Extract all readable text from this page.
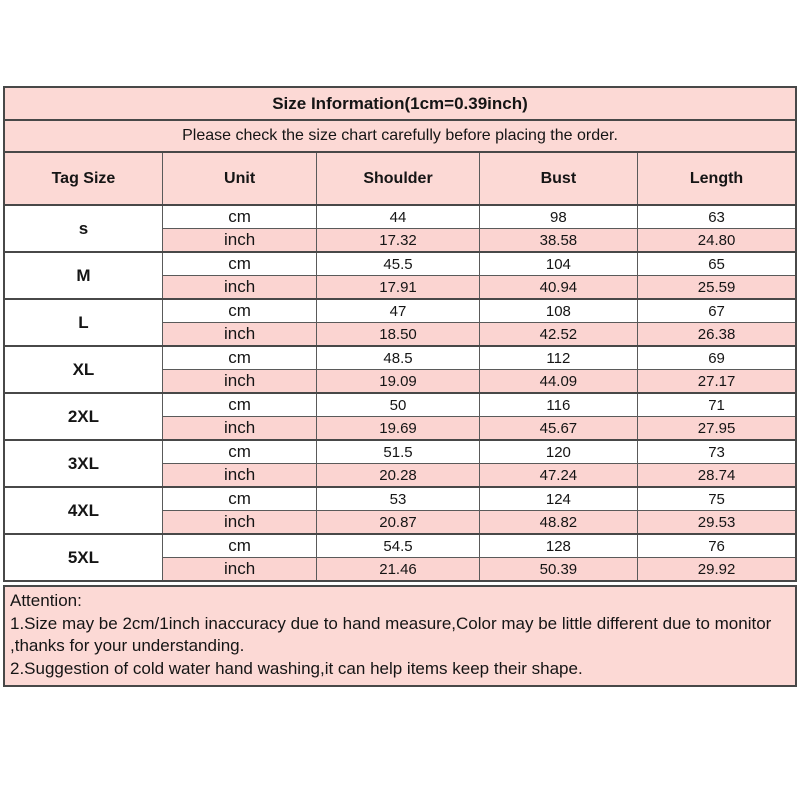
Size Information(1cm=0.39inch)				
Please check the size chart carefully before placing the order.				
Tag Size	Unit	Shoulder	Bust	Length
s	cm	44	98	63
	inch	17.32	38.58	24.80
M	cm	45.5	104	65
	inch	17.91	40.94	25.59
L	cm	47	108	67
	inch	18.50	42.52	26.38
XL	cm	48.5	112	69
	inch	19.09	44.09	27.17
2XL	cm	50	116	71
	inch	19.69	45.67	27.95
3XL	cm	51.5	120	73
	inch	20.28	47.24	28.74
4XL	cm	53	124	75
	inch	20.87	48.82	29.53
5XL	cm	54.5	128	76
	inch	21.46	50.39	29.92
Attention:
1.Size may be 2cm/1inch inaccuracy due to hand measure,Color may be little different due to monitor
,thanks for your understanding.
2.Suggestion of cold water hand washing,it can help items keep their shape.
